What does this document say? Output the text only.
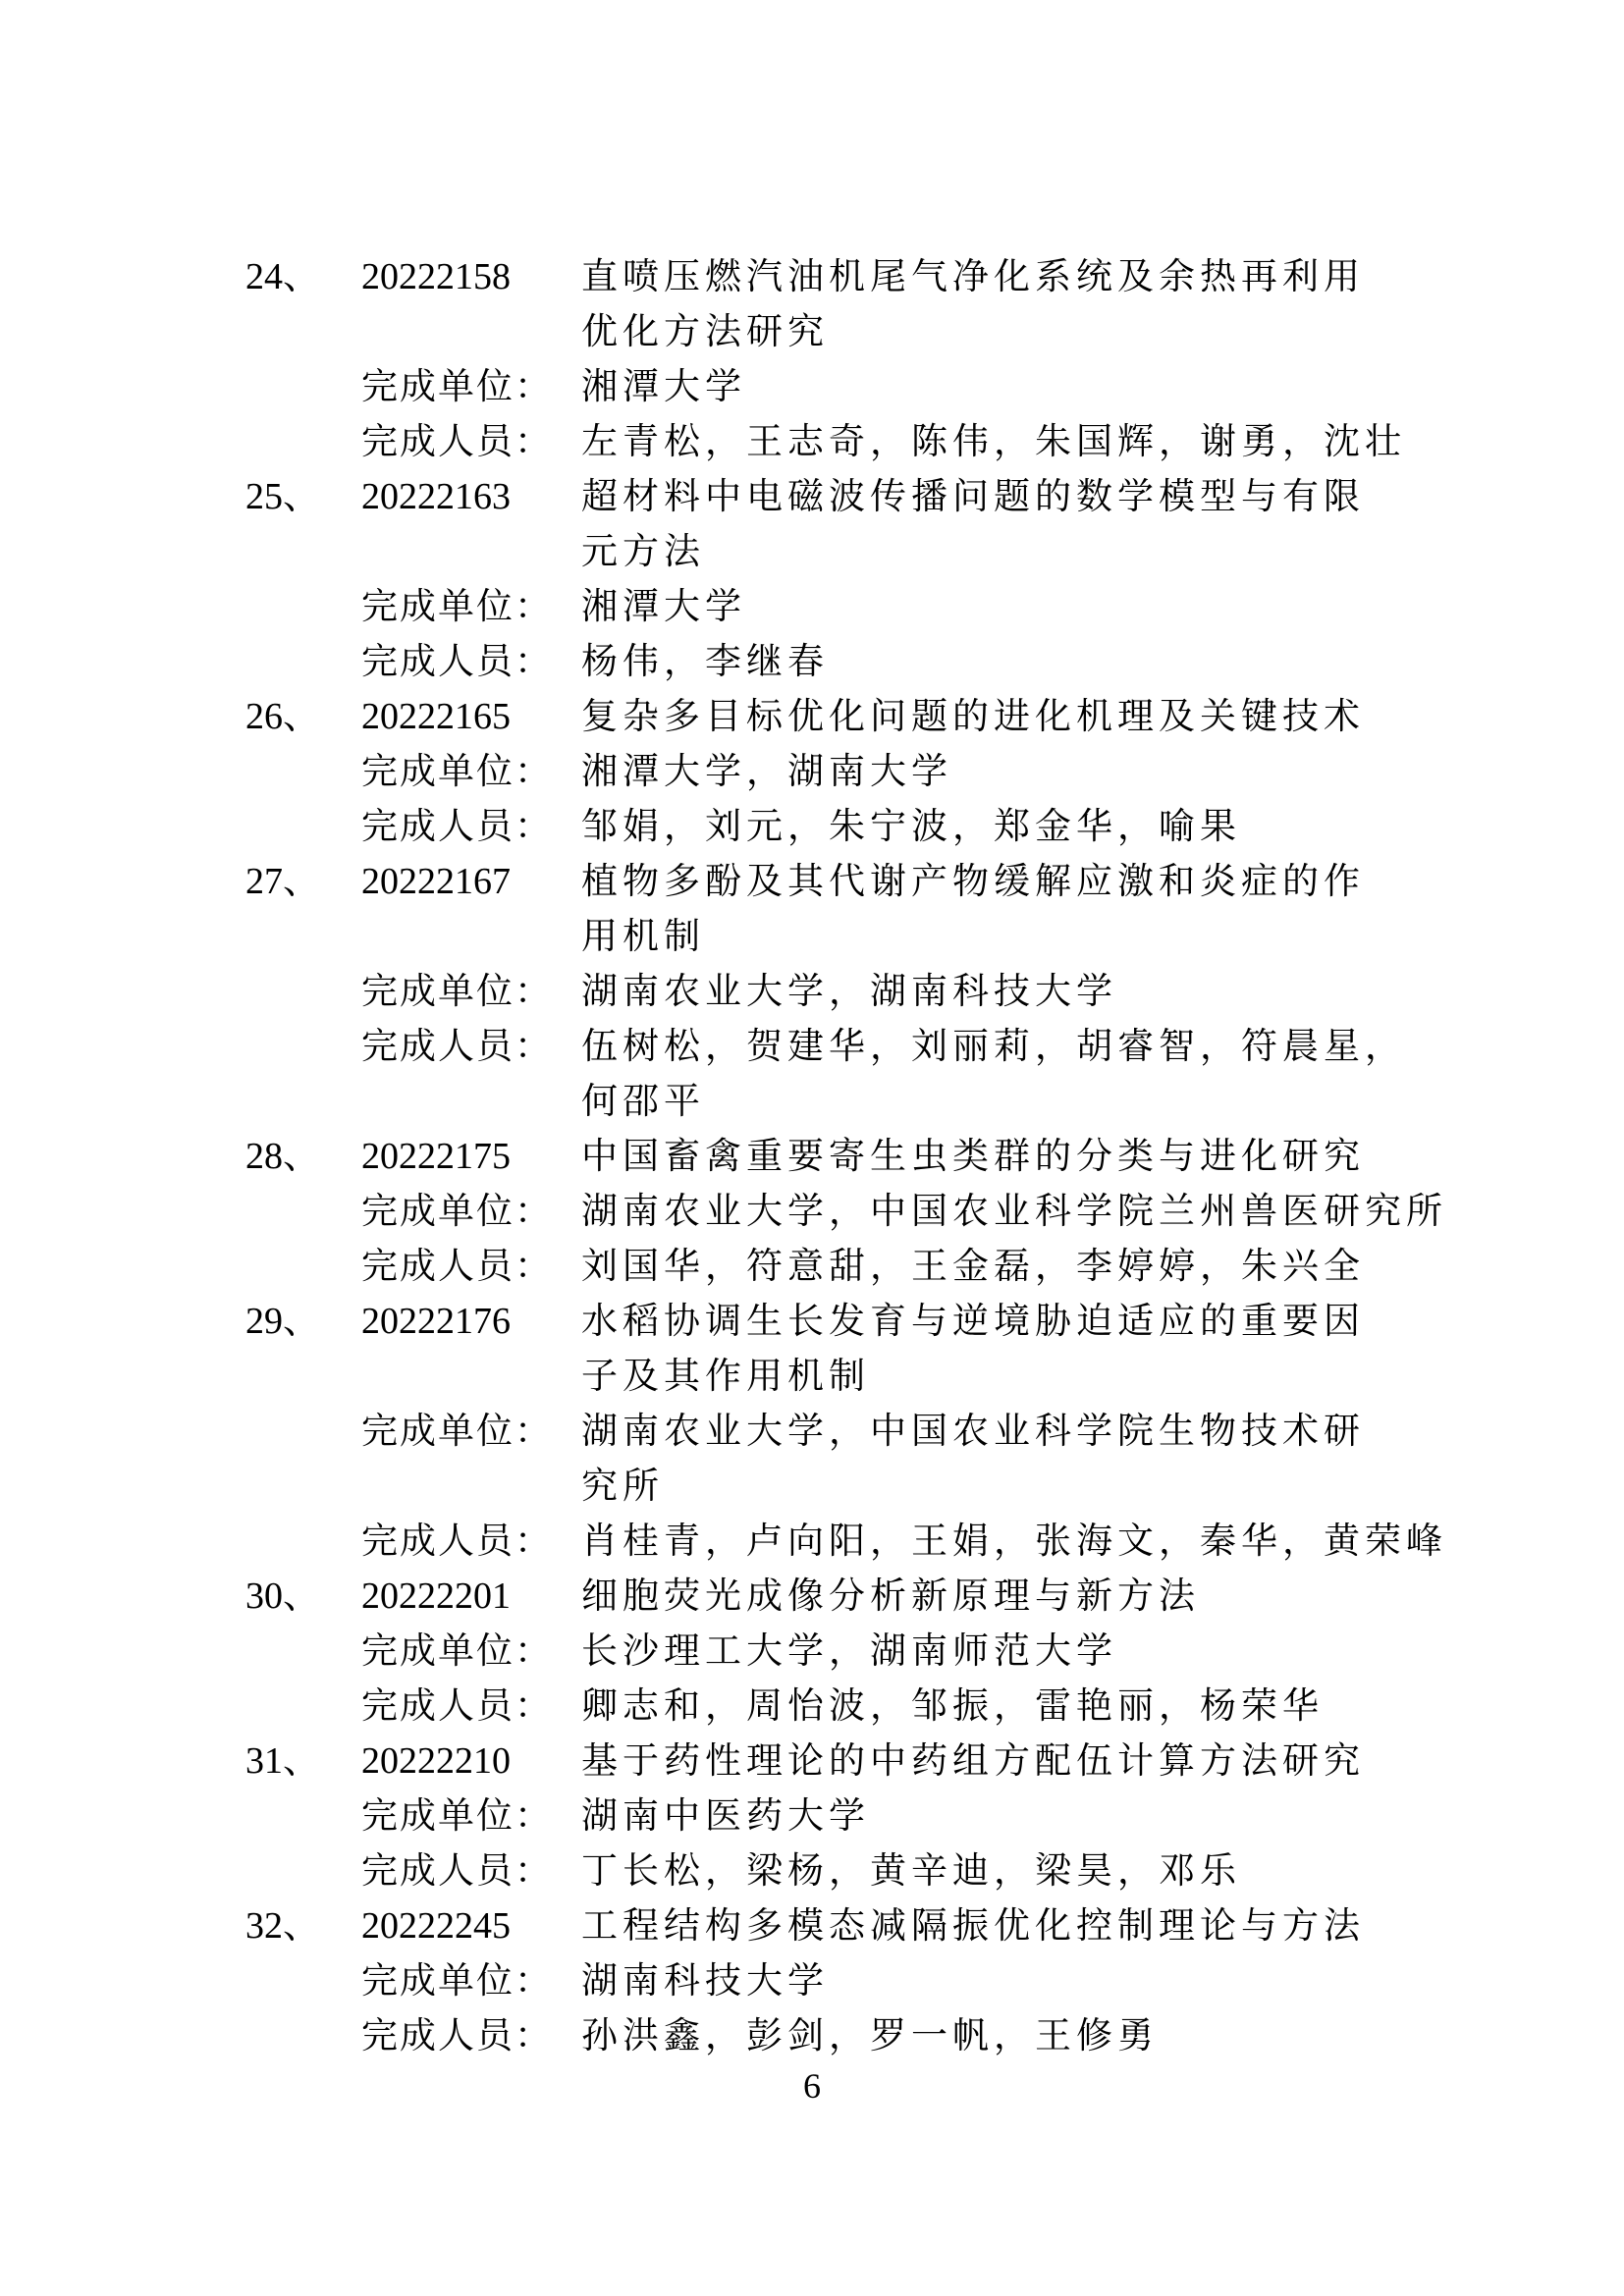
24、 20222158 直喷压燃汽油机尾气净化系统及余热再利用
优化方法研究
完成单位： 湘潭大学
完成人员： 左青松，王志奇，陈伟，朱国辉，谢勇，沈壮
25、 20222163 超材料中电磁波传播问题的数学模型与有限
元方法
完成单位： 湘潭大学
完成人员： 杨伟，李继春
26、 20222165 复杂多目标优化问题的进化机理及关键技术
完成单位： 湘潭大学，湖南大学
完成人员： 邹娟，刘元，朱宁波，郑金华，喻果
27、 20222167 植物多酚及其代谢产物缓解应激和炎症的作
用机制
完成单位： 湖南农业大学，湖南科技大学
完成人员： 伍树松，贺建华，刘丽莉，胡睿智，符晨星，
何邵平
28、 20222175 中国畜禽重要寄生虫类群的分类与进化研究
完成单位： 湖南农业大学，中国农业科学院兰州兽医研究所
完成人员： 刘国华，符意甜，王金磊，李婷婷，朱兴全
29、 20222176 水稻协调生长发育与逆境胁迫适应的重要因
子及其作用机制
完成单位： 湖南农业大学，中国农业科学院生物技术研
究所
完成人员： 肖桂青，卢向阳，王娟，张海文，秦华，黄荣峰
30、 20222201 细胞荧光成像分析新原理与新方法
完成单位： 长沙理工大学，湖南师范大学
完成人员： 卿志和，周怡波，邹振，雷艳丽，杨荣华
31、 20222210 基于药性理论的中药组方配伍计算方法研究
完成单位： 湖南中医药大学
完成人员： 丁长松，梁杨，黄辛迪，梁昊，邓乐
32、 20222245 工程结构多模态减隔振优化控制理论与方法
完成单位： 湖南科技大学
完成人员： 孙洪鑫，彭剑，罗一帆，王修勇
6
